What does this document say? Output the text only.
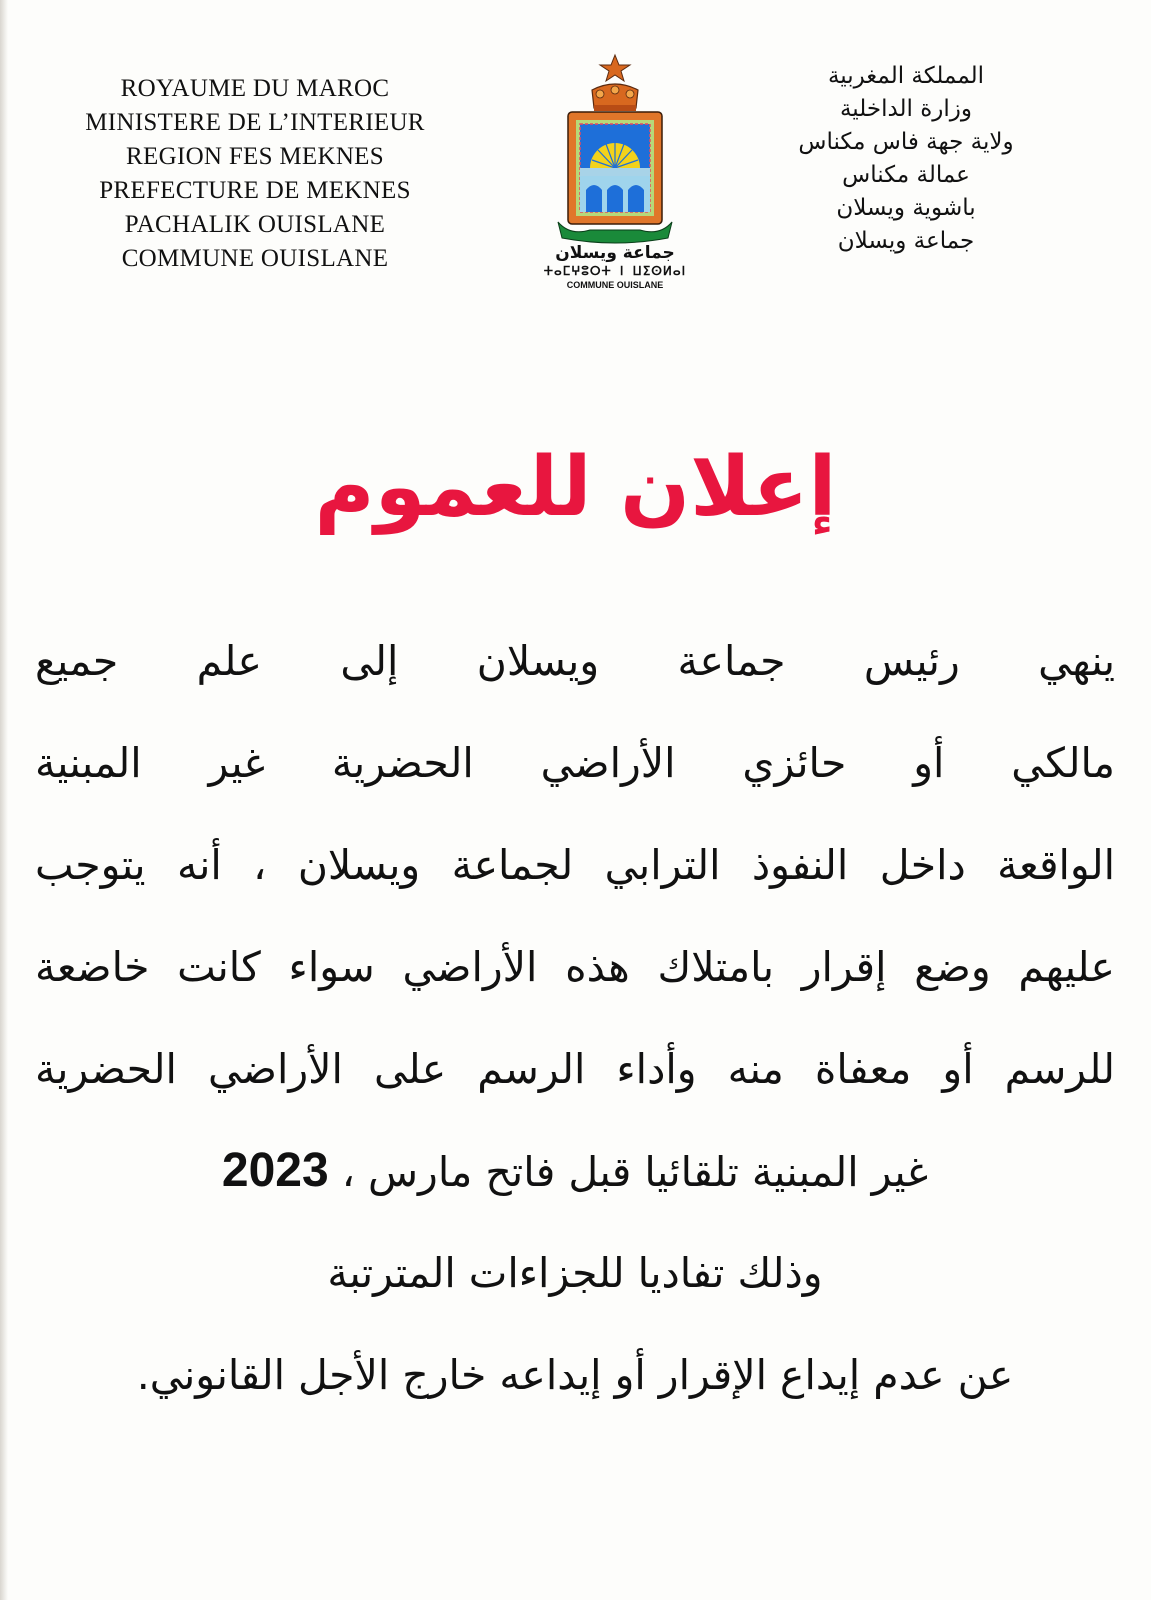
ROYAUME DU MAROC
MINISTERE DE L’INTERIEUR
REGION FES MEKNES
PREFECTURE DE MEKNES
PACHALIK OUISLANE
COMMUNE OUISLANE	جماعة ويسلان
ⵜⴰⵎⵖⵓⵔⵜ ⵏ ⵡⵉⵙⵍⴰⵏ
COMMUNE OUISLANE
المملكة المغربية
وزارة الداخلية
ولاية جهة فاس مكناس
عمالة مكناس
باشوية ويسلان
جماعة ويسلان
إعلان للعموم
ينهي رئيس جماعة ويسلان إلى علم جميع
مالكي أو حائزي الأراضي الحضرية غير المبنية
الواقعة داخل النفوذ الترابي لجماعة ويسلان ، أنه يتوجب
عليهم وضع إقرار بامتلاك هذه الأراضي سواء كانت خاضعة
للرسم أو معفاة منه وأداء الرسم على الأراضي الحضرية
غير المبنية تلقائيا قبل فاتح مارس ، 2023
وذلك تفاديا للجزاءات المترتبة
عن عدم إيداع الإقرار أو إيداعه خارج الأجل القانوني.
